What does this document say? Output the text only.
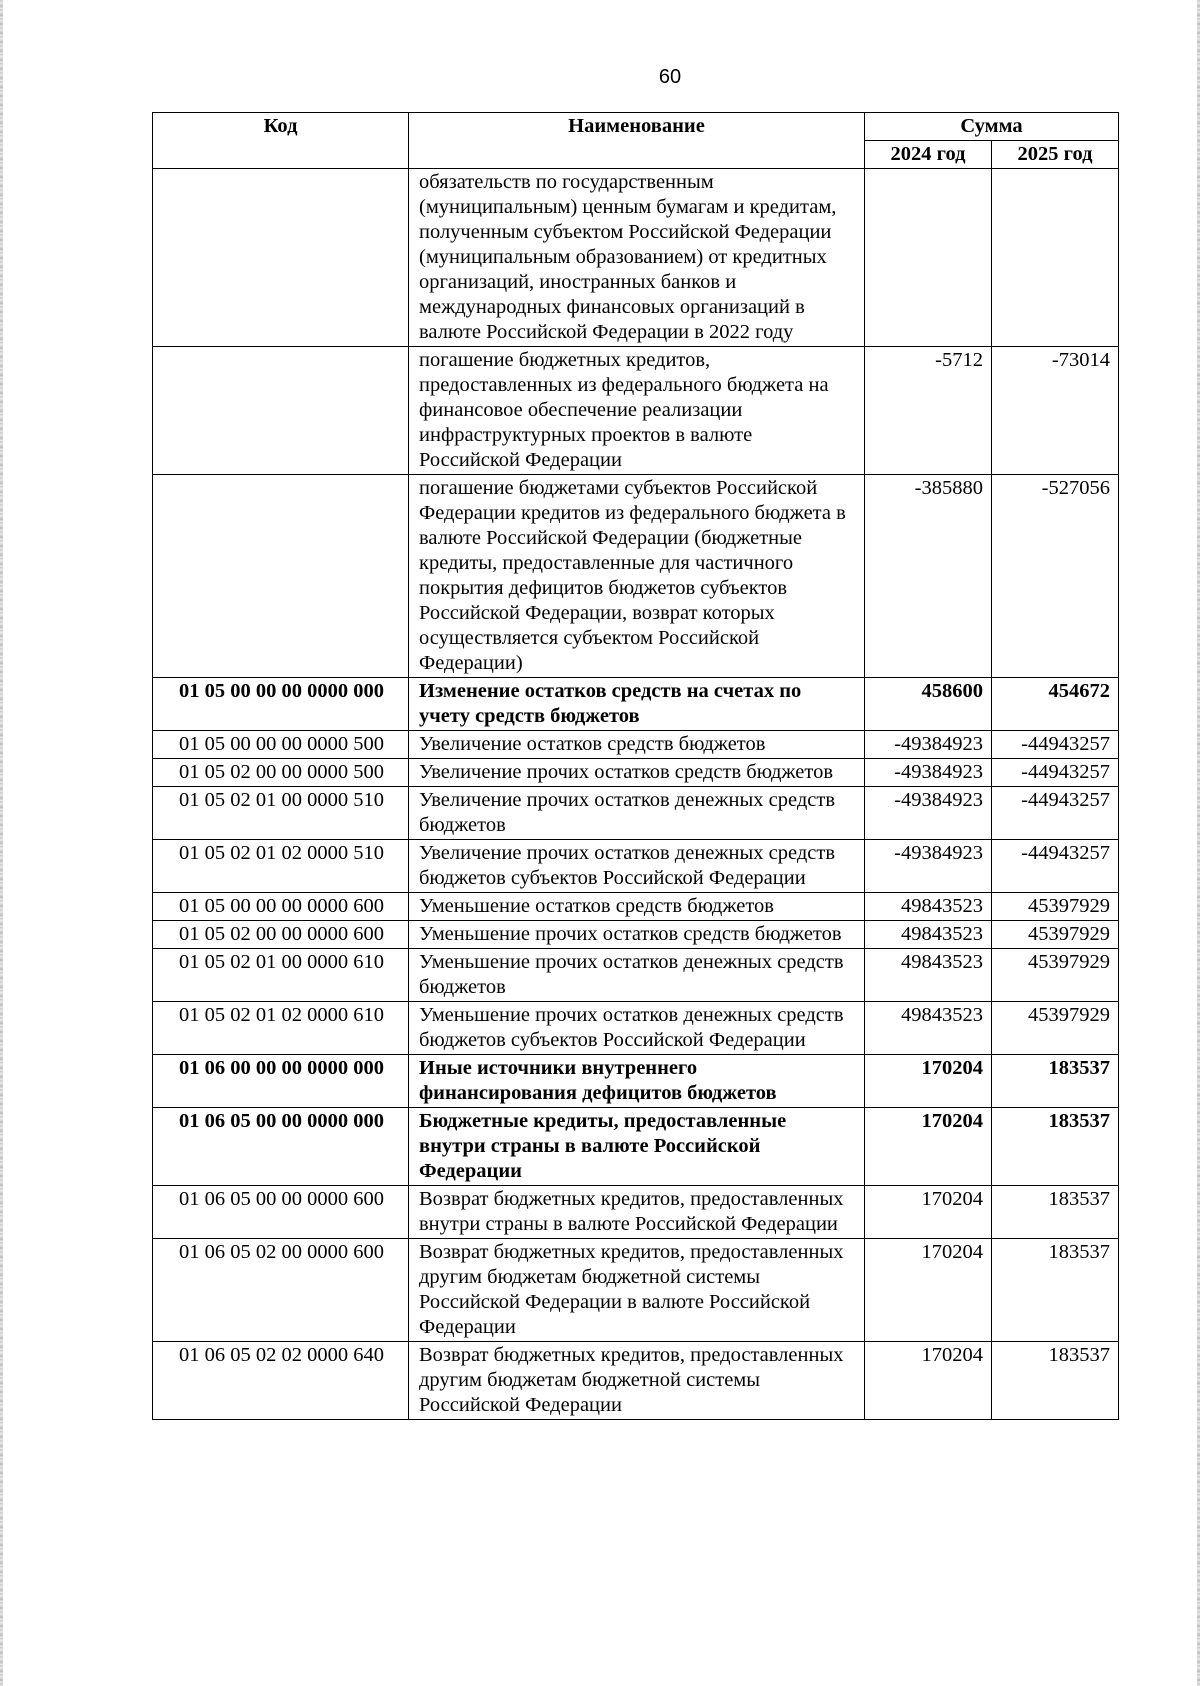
60
Код	Наименование	Сумма	
		2024 год	2025 год
	обязательств по государственным (муниципальным) ценным бумагам и кредитам, полученным субъектом Российской Федерации (муниципальным образованием) от кредитных организаций, иностранных банков и международных финансовых организаций в валюте Российской Федерации в 2022 году		
	погашение бюджетных кредитов, предоставленных из федерального бюджета на финансовое обеспечение реализации инфраструктурных проектов в валюте Российской Федерации	-5712	-73014
	погашение бюджетами субъектов Российской Федерации кредитов из федерального бюджета в валюте Российской Федерации (бюджетные кредиты, предоставленные для частичного покрытия дефицитов бюджетов субъектов Российской Федерации, возврат которых осуществляется субъектом Российской Федерации)	-385880	-527056
01 05 00 00 00 0000 000	Изменение остатков средств на счетах по учету средств бюджетов	458600	454672
01 05 00 00 00 0000 500	Увеличение остатков средств бюджетов	-49384923	-44943257
01 05 02 00 00 0000 500	Увеличение прочих остатков средств бюджетов	-49384923	-44943257
01 05 02 01 00 0000 510	Увеличение прочих остатков денежных средств бюджетов	-49384923	-44943257
01 05 02 01 02 0000 510	Увеличение прочих остатков денежных средств бюджетов субъектов Российской Федерации	-49384923	-44943257
01 05 00 00 00 0000 600	Уменьшение остатков средств бюджетов	49843523	45397929
01 05 02 00 00 0000 600	Уменьшение прочих остатков средств бюджетов	49843523	45397929
01 05 02 01 00 0000 610	Уменьшение прочих остатков денежных средств бюджетов	49843523	45397929
01 05 02 01 02 0000 610	Уменьшение прочих остатков денежных средств бюджетов субъектов Российской Федерации	49843523	45397929
01 06 00 00 00 0000 000	Иные источники внутреннего финансирования дефицитов бюджетов	170204	183537
01 06 05 00 00 0000 000	Бюджетные кредиты, предоставленные внутри страны в валюте Российской Федерации	170204	183537
01 06 05 00 00 0000 600	Возврат бюджетных кредитов, предоставленных внутри страны в валюте Российской Федерации	170204	183537
01 06 05 02 00 0000 600	Возврат бюджетных кредитов, предоставленных другим бюджетам бюджетной системы Российской Федерации в валюте Российской Федерации	170204	183537
01 06 05 02 02 0000 640	Возврат бюджетных кредитов, предоставленных другим бюджетам бюджетной системы Российской Федерации	170204	183537
